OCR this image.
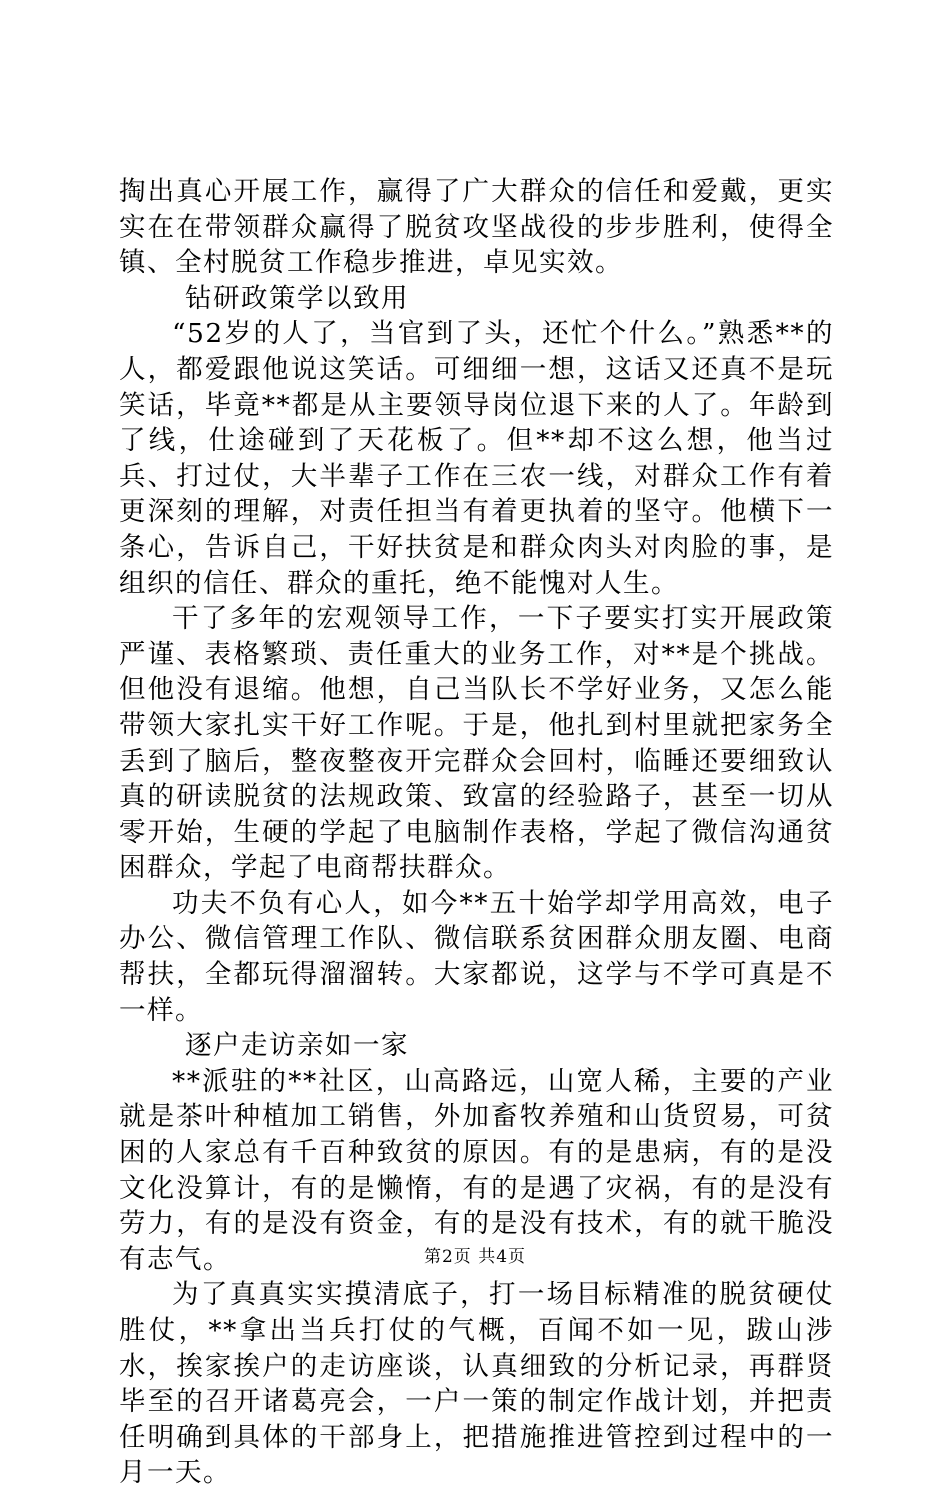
掏出真心开展工作，赢得了广大群众的信任和爱戴，更实实在在带领群众赢得了脱贫攻坚战役的步步胜利，使得全镇、全村脱贫工作稳步推进，卓见实效。

钻研政策学以致用

“52岁的人了，当官到了头，还忙个什么。”熟悉**的人，都爱跟他说这笑话。可细细一想，这话又还真不是玩笑话，毕竟**都是从主要领导岗位退下来的人了。年龄到了线，仕途碰到了天花板了。但**却不这么想，他当过兵、打过仗，大半辈子工作在三农一线，对群众工作有着更深刻的理解，对责任担当有着更执着的坚守。他横下一条心，告诉自己，干好扶贫是和群众肉头对肉脸的事，是组织的信任、群众的重托，绝不能愧对人生。

干了多年的宏观领导工作，一下子要实打实开展政策严谨、表格繁琐、责任重大的业务工作，对**是个挑战。但他没有退缩。他想，自己当队长不学好业务，又怎么能带领大家扎实干好工作呢。于是，他扎到村里就把家务全丢到了脑后，整夜整夜开完群众会回村，临睡还要细致认真的研读脱贫的法规政策、致富的经验路子，甚至一切从零开始，生硬的学起了电脑制作表格，学起了微信沟通贫困群众，学起了电商帮扶群众。

功夫不负有心人，如今**五十始学却学用高效，电子办公、微信管理工作队、微信联系贫困群众朋友圈、电商帮扶，全都玩得溜溜转。大家都说，这学与不学可真是不一样。

逐户走访亲如一家

**派驻的**社区，山高路远，山宽人稀，主要的产业就是茶叶种植加工销售，外加畜牧养殖和山货贸易，可贫困的人家总有千百种致贫的原因。有的是患病，有的是没文化没算计，有的是懒惰，有的是遇了灾祸，有的是没有劳力，有的是没有资金，有的是没有技术，有的就干脆没有志气。

为了真真实实摸清底子，打一场目标精准的脱贫硬仗胜仗，**拿出当兵打仗的气概，百闻不如一见，跋山涉水，挨家挨户的走访座谈，认真细致的分析记录，再群贤毕至的召开诸葛亮会，一户一策的制定作战计划，并把责任明确到具体的干部身上，把措施推进管控到过程中的一月一天。

第2页 共4页
